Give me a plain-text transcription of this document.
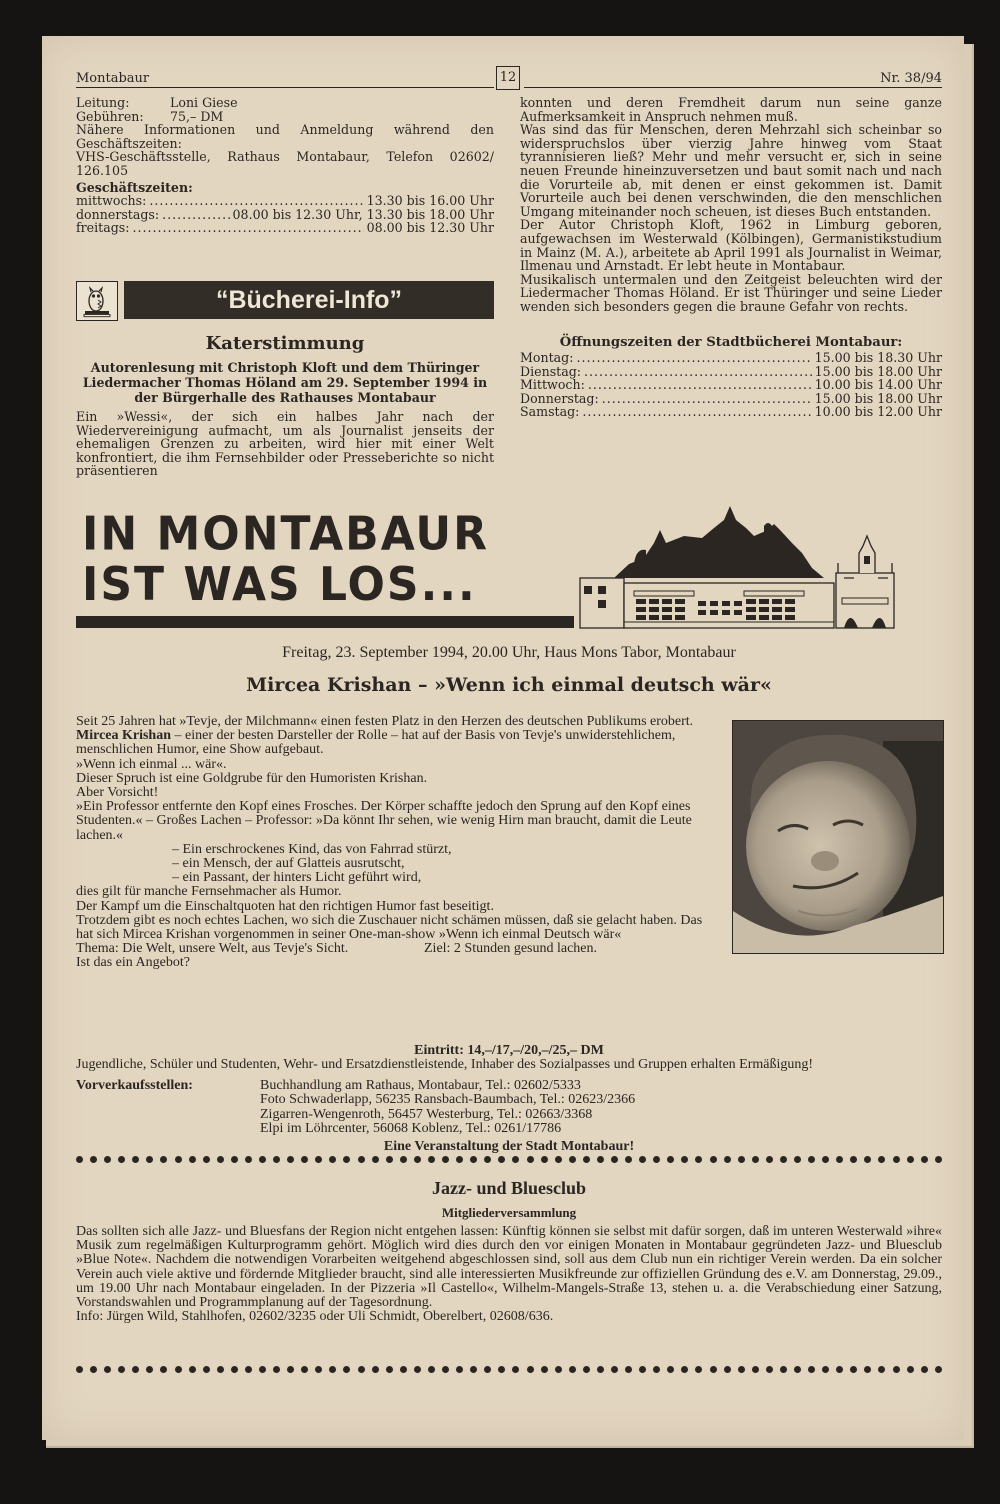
Montabaur	12	Nr. 38/94
Leitung:	Loni Giese
Gebühren:	75,– DM
Nähere Informationen und Anmeldung während den Geschäftszeiten:
VHS-Geschäftsstelle, Rathaus Montabaur, Telefon 02602/ 126.105
Geschäftszeiten:
mittwochs: .....	13.30 bis 16.00 Uhr
donnerstags: .....	08.00 bis 12.30 Uhr, 13.30 bis 18.00 Uhr
freitags: .....	08.00 bis 12.30 Uhr
“Bücherei-Info”
Katerstimmung
Autorenlesung mit Christoph Kloft und dem Thüringer Liedermacher Thomas Höland am 29. September 1994 in der Bürgerhalle des Rathauses Montabaur
Ein »Wessi«, der sich ein halbes Jahr nach der Wiedervereinigung aufmacht, um als Journalist jenseits der ehemaligen Grenzen zu arbeiten, wird hier mit einer Welt konfrontiert, die ihm Fernsehbilder oder Presseberichte so nicht präsentieren
konnten und deren Fremdheit darum nun seine ganze Aufmerksamkeit in Anspruch nehmen muß.
Was sind das für Menschen, deren Mehrzahl sich scheinbar so widerspruchslos über vierzig Jahre hinweg vom Staat tyrannisieren ließ? Mehr und mehr versucht er, sich in seine neuen Freunde hineinzuversetzen und baut somit nach und nach die Vorurteile ab, mit denen er einst gekommen ist. Damit Vorurteile auch bei denen verschwinden, die den menschlichen Umgang miteinander noch scheuen, ist dieses Buch entstanden.
Der Autor Christoph Kloft, 1962 in Limburg geboren, aufgewachsen im Westerwald (Kölbingen), Germanistikstudium in Mainz (M. A.), arbeitete ab April 1991 als Journalist in Weimar, Ilmenau und Arnstadt. Er lebt heute in Montabaur.
Musikalisch untermalen und den Zeitgeist beleuchten wird der Liedermacher Thomas Höland. Er ist Thüringer und seine Lieder wenden sich besonders gegen die braune Gefahr von rechts.
Öffnungszeiten der Stadtbücherei Montabaur:
Montag: .....	15.00 bis 18.30 Uhr
Dienstag: .....	15.00 bis 18.00 Uhr
Mittwoch: .....	10.00 bis 14.00 Uhr
Donnerstag: .....	15.00 bis 18.00 Uhr
Samstag: .....	10.00 bis 12.00 Uhr
IN MONTABAUR
IST WAS LOS...
Freitag, 23. September 1994, 20.00 Uhr, Haus Mons Tabor, Montabaur
Mircea Krishan – »Wenn ich einmal deutsch wär«
Seit 25 Jahren hat »Tevje, der Milchmann« einen festen Platz in den Herzen des deutschen Publikums erobert.
Mircea Krishan – einer der besten Darsteller der Rolle – hat auf der Basis von Tevje's unwiderstehlichem, menschlichen Humor, eine Show aufgebaut.
»Wenn ich einmal ... wär«.
Dieser Spruch ist eine Goldgrube für den Humoristen Krishan.
Aber Vorsicht!
»Ein Professor entfernte den Kopf eines Frosches. Der Körper schaffte jedoch den Sprung auf den Kopf eines Studenten.« – Großes Lachen – Professor: »Da könnt Ihr sehen, wie wenig Hirn man braucht, damit die Leute lachen.«
– Ein erschrockenes Kind, das von Fahrrad stürzt,
– ein Mensch, der auf Glatteis ausrutscht,
– ein Passant, der hinters Licht geführt wird,
dies gilt für manche Fernsehmacher als Humor.
Der Kampf um die Einschaltquoten hat den richtigen Humor fast beseitigt.
Trotzdem gibt es noch echtes Lachen, wo sich die Zuschauer nicht schämen müssen, daß sie gelacht haben. Das hat sich Mircea Krishan vorgenommen in seiner One-man-show »Wenn ich einmal Deutsch wär«
Thema: Die Welt, unsere Welt, aus Tevje's Sicht.	Ziel: 2 Stunden gesund lachen.
Ist das ein Angebot?
Eintritt: 14,–/17,–/20,–/25,– DM
Jugendliche, Schüler und Studenten, Wehr- und Ersatzdienstleistende, Inhaber des Sozialpasses und Gruppen erhalten Ermäßigung!
Vorverkaufsstellen:	Buchhandlung am Rathaus, Montabaur, Tel.: 02602/5333
Foto Schwaderlapp, 56235 Ransbach-Baumbach, Tel.: 02623/2366
Zigarren-Wengenroth, 56457 Westerburg, Tel.: 02663/3368
Elpi im Löhrcenter, 56068 Koblenz, Tel.: 0261/17786
Eine Veranstaltung der Stadt Montabaur!
Jazz- und Bluesclub
Mitgliederversammlung
Das sollten sich alle Jazz- und Bluesfans der Region nicht entgehen lassen: Künftig können sie selbst mit dafür sorgen, daß im unteren Westerwald »ihre« Musik zum regelmäßigen Kulturprogramm gehört. Möglich wird dies durch den vor einigen Monaten in Montabaur gegründeten Jazz- und Bluesclub »Blue Note«. Nachdem die notwendigen Vorarbeiten weitgehend abgeschlossen sind, soll aus dem Club nun ein richtiger Verein werden. Da ein solcher Verein auch viele aktive und fördernde Mitglieder braucht, sind alle interessierten Musikfreunde zur offiziellen Gründung des e.V. am Donnerstag, 29.09., um 19.00 Uhr nach Montabaur eingeladen. In der Pizzeria »Il Castello«, Wilhelm-Mangels-Straße 13, stehen u. a. die Verabschiedung einer Satzung, Vorstandswahlen und Programmplanung auf der Tagesordnung.
Info: Jürgen Wild, Stahlhofen, 02602/3235 oder Uli Schmidt, Oberelbert, 02608/636.
